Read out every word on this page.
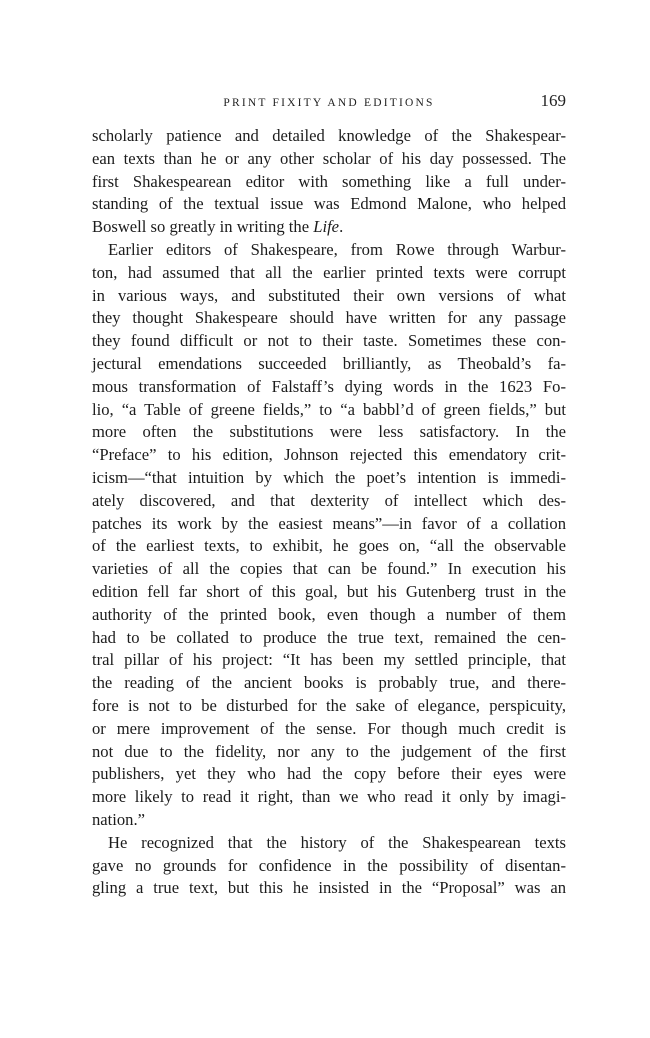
PRINT FIXITY AND EDITIONS	169

scholarly patience and detailed knowledge of the Shakespear-
ean texts than he or any other scholar of his day possessed. The
first Shakespearean editor with something like a full under-
standing of the textual issue was Edmond Malone, who helped
Boswell so greatly in writing the Life.

Earlier editors of Shakespeare, from Rowe through Warbur-
ton, had assumed that all the earlier printed texts were corrupt
in various ways, and substituted their own versions of what
they thought Shakespeare should have written for any passage
they found difficult or not to their taste. Sometimes these con-
jectural emendations succeeded brilliantly, as Theobald’s fa-
mous transformation of Falstaff’s dying words in the 1623 Fo-
lio, “a Table of greene fields,” to “a babbl’d of green fields,” but
more often the substitutions were less satisfactory. In the
“Preface” to his edition, Johnson rejected this emendatory crit-
icism—“that intuition by which the poet’s intention is immedi-
ately discovered, and that dexterity of intellect which des-
patches its work by the easiest means”—in favor of a collation
of the earliest texts, to exhibit, he goes on, “all the observable
varieties of all the copies that can be found.” In execution his
edition fell far short of this goal, but his Gutenberg trust in the
authority of the printed book, even though a number of them
had to be collated to produce the true text, remained the cen-
tral pillar of his project: “It has been my settled principle, that
the reading of the ancient books is probably true, and there-
fore is not to be disturbed for the sake of elegance, perspicuity,
or mere improvement of the sense. For though much credit is
not due to the fidelity, nor any to the judgement of the first
publishers, yet they who had the copy before their eyes were
more likely to read it right, than we who read it only by imagi-
nation.”

He recognized that the history of the Shakespearean texts
gave no grounds for confidence in the possibility of disentan-
gling a true text, but this he insisted in the “Proposal” was an
